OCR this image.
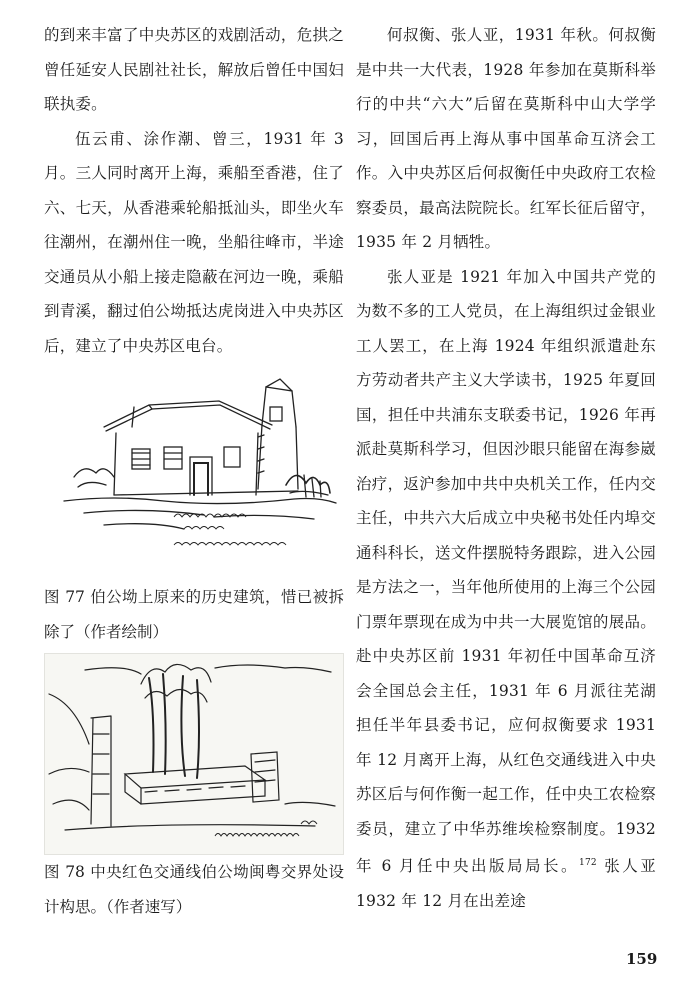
的到来丰富了中央苏区的戏剧活动，危拱之曾任延安人民剧社社长，解放后曾任中国妇联执委。

伍云甫、涂作潮、曾三，1931 年 3 月。三人同时离开上海，乘船至香港，住了六、七天，从香港乘轮船抵汕头，即坐火车往潮州，在潮州住一晚，坐船往峰市，半途交通员从小船上接走隐蔽在河边一晚，乘船到青溪，翻过伯公坳抵达虎岗进入中央苏区后，建立了中央苏区电台。

图 77 伯公坳上原来的历史建筑，惜已被拆除了（作者绘制）

图 78 中央红色交通线伯公坳闽粤交界处设计构思。（作者速写）

何叔衡、张人亚，1931 年秋。何叔衡是中共一大代表，1928 年参加在莫斯科举行的中共“六大”后留在莫斯科中山大学学习，回国后再上海从事中国革命互济会工作。入中央苏区后何叔衡任中央政府工农检察委员，最高法院院长。红军长征后留守，1935 年 2 月牺牲。

张人亚是 1921 年加入中国共产党的为数不多的工人党员，在上海组织过金银业工人罢工，在上海 1924 年组织派遣赴东方劳动者共产主义大学读书，1925 年夏回国，担任中共浦东支联委书记，1926 年再派赴莫斯科学习，但因沙眼只能留在海参崴治疗，返沪参加中共中央机关工作，任内交主任，中共六大后成立中央秘书处任内埠交通科科长，送文件摆脱特务跟踪，进入公园是方法之一，当年他所使用的上海三个公园门票年票现在成为中共一大展览馆的展品。赴中央苏区前 1931 年初任中国革命互济会全国总会主任，1931 年 6 月派往芜湖担任半年县委书记，应何叔衡要求 1931 年 12 月离开上海，从红色交通线进入中央苏区后与何作衡一起工作，任中央工农检察委员，建立了中华苏维埃检察制度。1932 年 6 月任中央出版局局长。$^{172}$ 张人亚 1932 年 12 月在出差途

159
